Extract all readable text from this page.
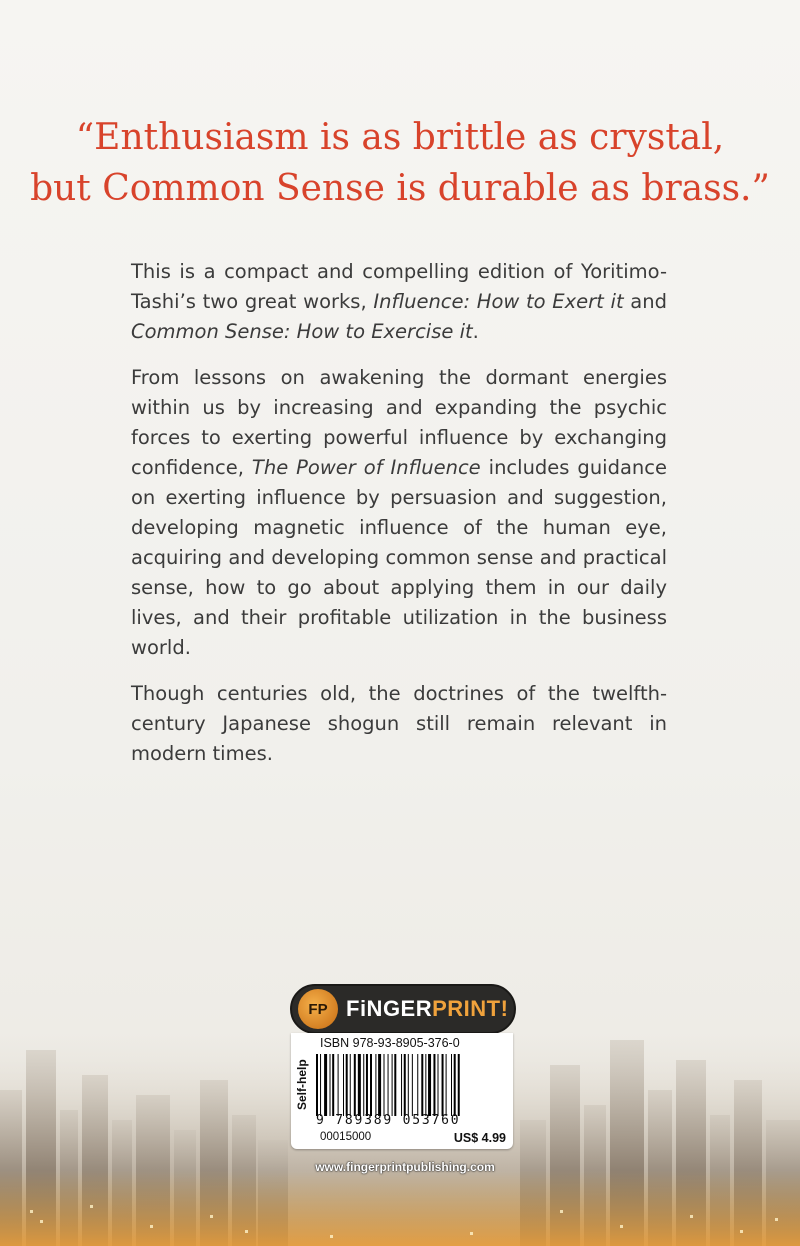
“Enthusiasm is as brittle as crystal,
but Common Sense is durable as brass.”

This is a compact and compelling edition of Yoritimo-Tashi’s two great works, Influence: How to Exert it and Common Sense: How to Exercise it.

From lessons on awakening the dormant energies within us by increasing and expanding the psychic forces to exerting powerful influence by exchanging confidence, The Power of Influence includes guidance on exerting influence by persuasion and suggestion, developing magnetic influence of the human eye, acquiring and developing common sense and practical sense, how to go about applying them in our daily lives, and their profitable utilization in the business world.

Though centuries old, the doctrines of the twelfth-century Japanese shogun still remain relevant in modern times.

FP FiNGERPRINT!
Self-help
ISBN 978-93-8905-376-0
9 789389 053760
00015000	US$ 4.99
www.fingerprintpublishing.com
